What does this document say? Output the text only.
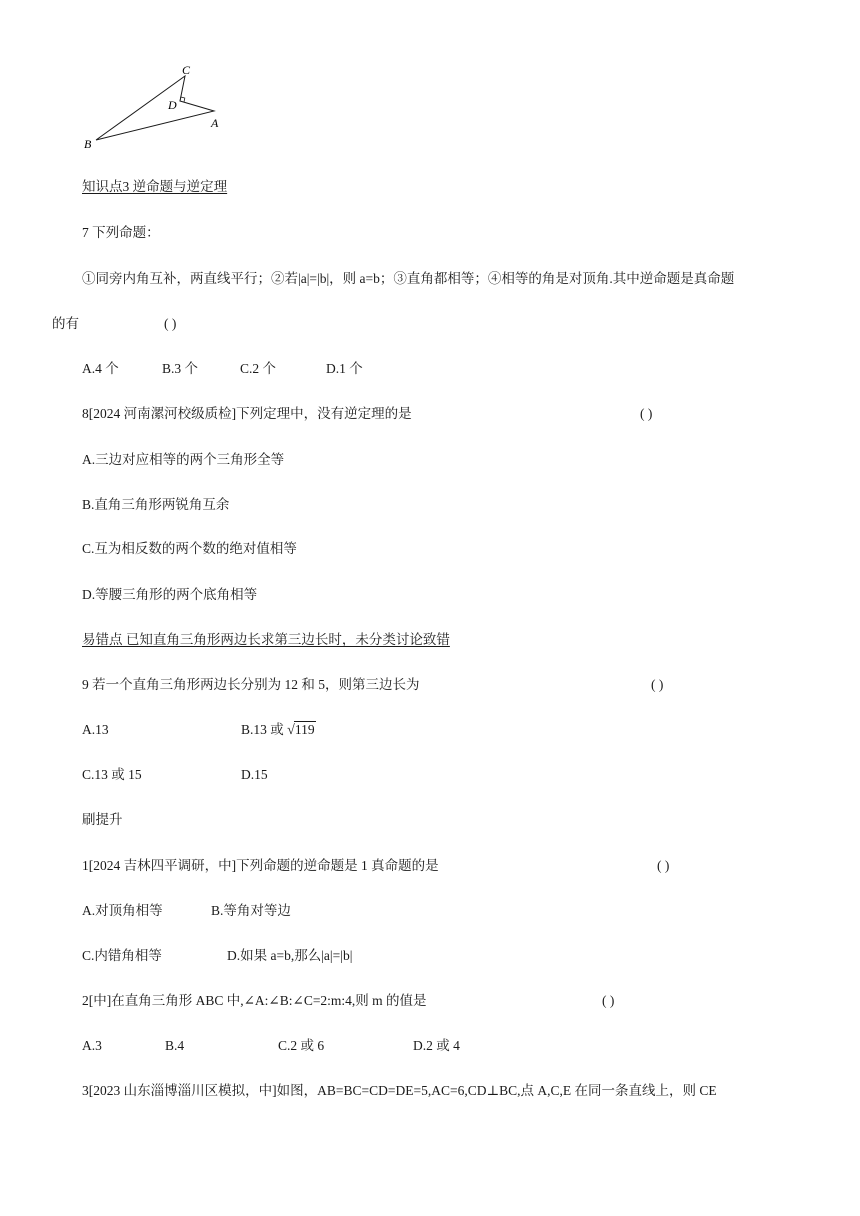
C
D
A
B
知识点3 逆命题与逆定理
7 下列命题：
①同旁内角互补，两直线平行；②若|a|=|b|，则 a=b；③直角都相等；④相等的角是对顶角.其中逆命题是真命题
的有	( )
A.4 个	B.3 个	C.2 个	D.1 个
8[2024 河南漯河校级质检]下列定理中，没有逆定理的是	( )
A.三边对应相等的两个三角形全等
B.直角三角形两锐角互余
C.互为相反数的两个数的绝对值相等
D.等腰三角形的两个底角相等
易错点 已知直角三角形两边长求第三边长时，未分类讨论致错
9 若一个直角三角形两边长分别为 12 和 5，则第三边长为	( )
A.13	B.13 或 √119
C.13 或 15	D.15
刷提升
1[2024 吉林四平调研，中]下列命题的逆命题是 1 真命题的是	( )
A.对顶角相等	B.等角对等边
C.内错角相等	D.如果 a=b,那么|a|=|b|
2[中]在直角三角形 ABC 中,∠A:∠B:∠C=2:m:4,则 m 的值是	( )
A.3	B.4	C.2 或 6	D.2 或 4
3[2023 山东淄博淄川区模拟，中]如图，AB=BC=CD=DE=5,AC=6,CD⊥BC,点 A,C,E 在同一条直线上，则 CE
